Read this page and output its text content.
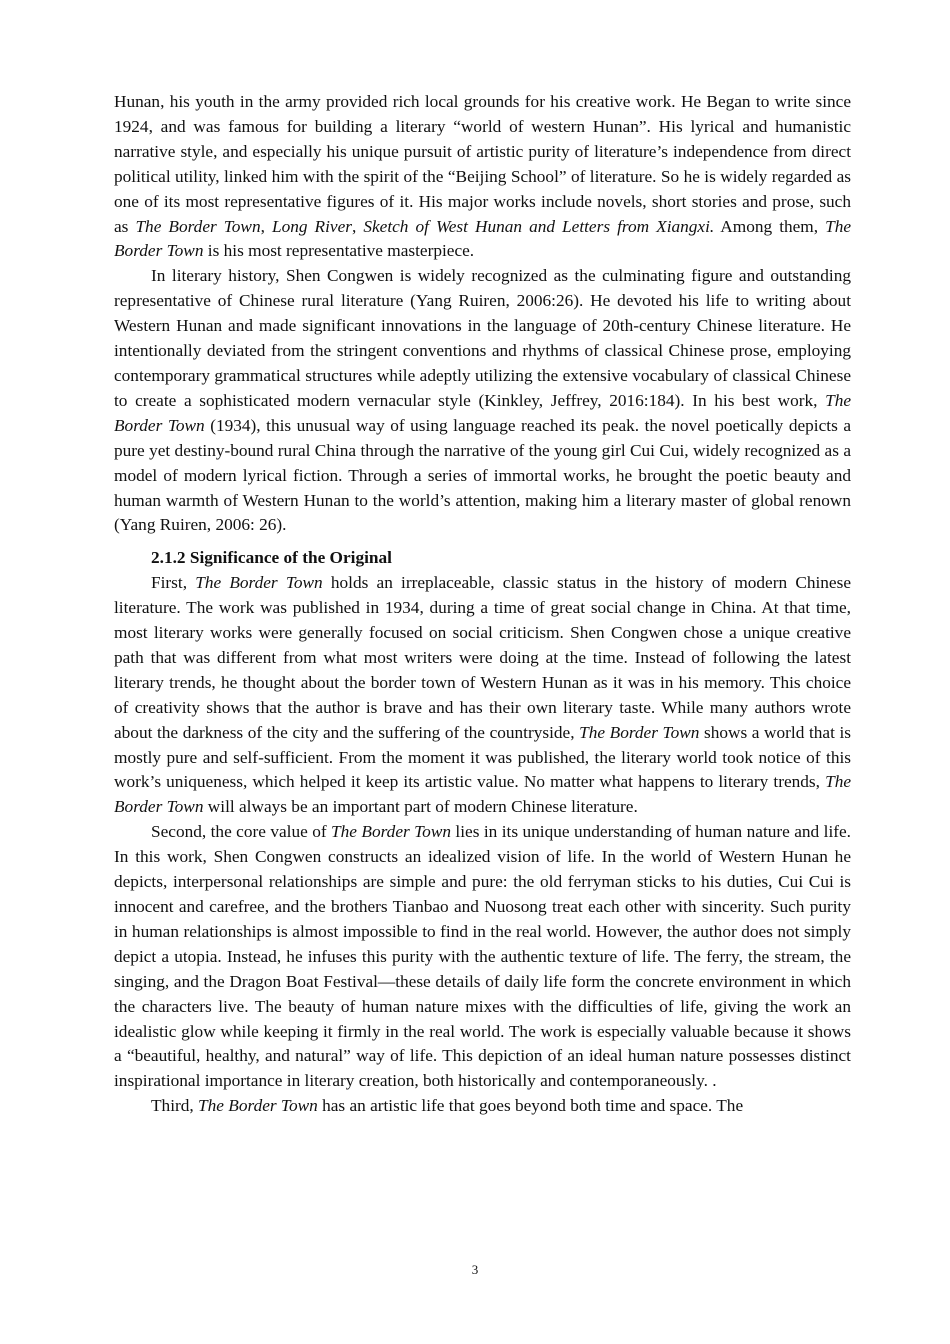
Hunan, his youth in the army provided rich local grounds for his creative work. He Began to write since 1924, and was famous for building a literary “world of western Hunan”. His lyrical and humanistic narrative style, and especially his unique pursuit of artistic purity of literature’s independence from direct political utility, linked him with the spirit of the “Beijing School” of literature. So he is widely regarded as one of its most representative figures of it. His major works include novels, short stories and prose, such as The Border Town, Long River, Sketch of West Hunan and Letters from Xiangxi. Among them, The Border Town is his most representative masterpiece.

In literary history, Shen Congwen is widely recognized as the culminating figure and outstanding representative of Chinese rural literature (Yang Ruiren, 2006:26). He devoted his life to writing about Western Hunan and made significant innovations in the language of 20th-century Chinese literature. He intentionally deviated from the stringent conventions and rhythms of classical Chinese prose, employing contemporary grammatical structures while adeptly utilizing the extensive vocabulary of classical Chinese to create a sophisticated modern vernacular style (Kinkley, Jeffrey, 2016:184). In his best work, The Border Town (1934), this unusual way of using language reached its peak. the novel poetically depicts a pure yet destiny-bound rural China through the narrative of the young girl Cui Cui, widely recognized as a model of modern lyrical fiction. Through a series of immortal works, he brought the poetic beauty and human warmth of Western Hunan to the world’s attention, making him a literary master of global renown (Yang Ruiren, 2006: 26).

2.1.2 Significance of the Original

First, The Border Town holds an irreplaceable, classic status in the history of modern Chinese literature. The work was published in 1934, during a time of great social change in China. At that time, most literary works were generally focused on social criticism. Shen Congwen chose a unique creative path that was different from what most writers were doing at the time. Instead of following the latest literary trends, he thought about the border town of Western Hunan as it was in his memory. This choice of creativity shows that the author is brave and has their own literary taste. While many authors wrote about the darkness of the city and the suffering of the countryside, The Border Town shows a world that is mostly pure and self-sufficient. From the moment it was published, the literary world took notice of this work’s uniqueness, which helped it keep its artistic value. No matter what happens to literary trends, The Border Town will always be an important part of modern Chinese literature.

Second, the core value of The Border Town lies in its unique understanding of human nature and life. In this work, Shen Congwen constructs an idealized vision of life. In the world of Western Hunan he depicts, interpersonal relationships are simple and pure: the old ferryman sticks to his duties, Cui Cui is innocent and carefree, and the brothers Tianbao and Nuosong treat each other with sincerity. Such purity in human relationships is almost impossible to find in the real world. However, the author does not simply depict a utopia. Instead, he infuses this purity with the authentic texture of life. The ferry, the stream, the singing, and the Dragon Boat Festival—these details of daily life form the concrete environment in which the characters live. The beauty of human nature mixes with the difficulties of life, giving the work an idealistic glow while keeping it firmly in the real world. The work is especially valuable because it shows a “beautiful, healthy, and natural” way of life. This depiction of an ideal human nature possesses distinct inspirational importance in literary creation, both historically and contemporaneously. .

Third, The Border Town has an artistic life that goes beyond both time and space. The

3
